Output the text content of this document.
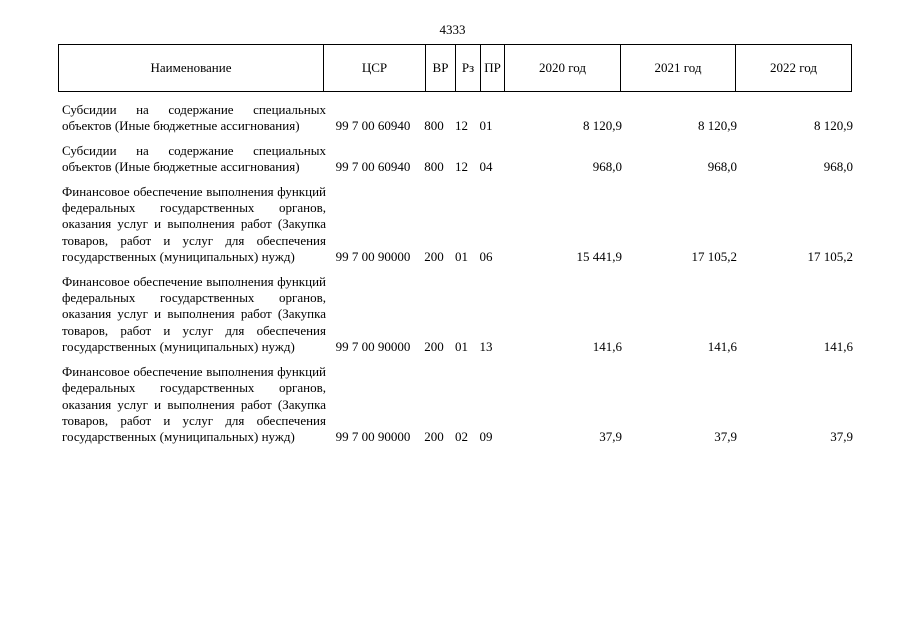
4333
Наименование	ЦСР	ВР	Рз	ПР	2020 год	2021 год	2022 год
Субсидии на содержание специальных объектов (Иные бюджетные ассигнования)	99 7 00 60940	800	12	01	8 120,9	8 120,9	8 120,9
Субсидии на содержание специальных объектов (Иные бюджетные ассигнования)	99 7 00 60940	800	12	04	968,0	968,0	968,0
Финансовое обеспечение выполнения функций федеральных государственных органов, оказания услуг и выполнения работ (Закупка товаров, работ и услуг для обеспечения государственных (муниципальных) нужд)	99 7 00 90000	200	01	06	15 441,9	17 105,2	17 105,2
Финансовое обеспечение выполнения функций федеральных государственных органов, оказания услуг и выполнения работ (Закупка товаров, работ и услуг для обеспечения государственных (муниципальных) нужд)	99 7 00 90000	200	01	13	141,6	141,6	141,6
Финансовое обеспечение выполнения функций федеральных государственных органов, оказания услуг и выполнения работ (Закупка товаров, работ и услуг для обеспечения государственных (муниципальных) нужд)	99 7 00 90000	200	02	09	37,9	37,9	37,9
